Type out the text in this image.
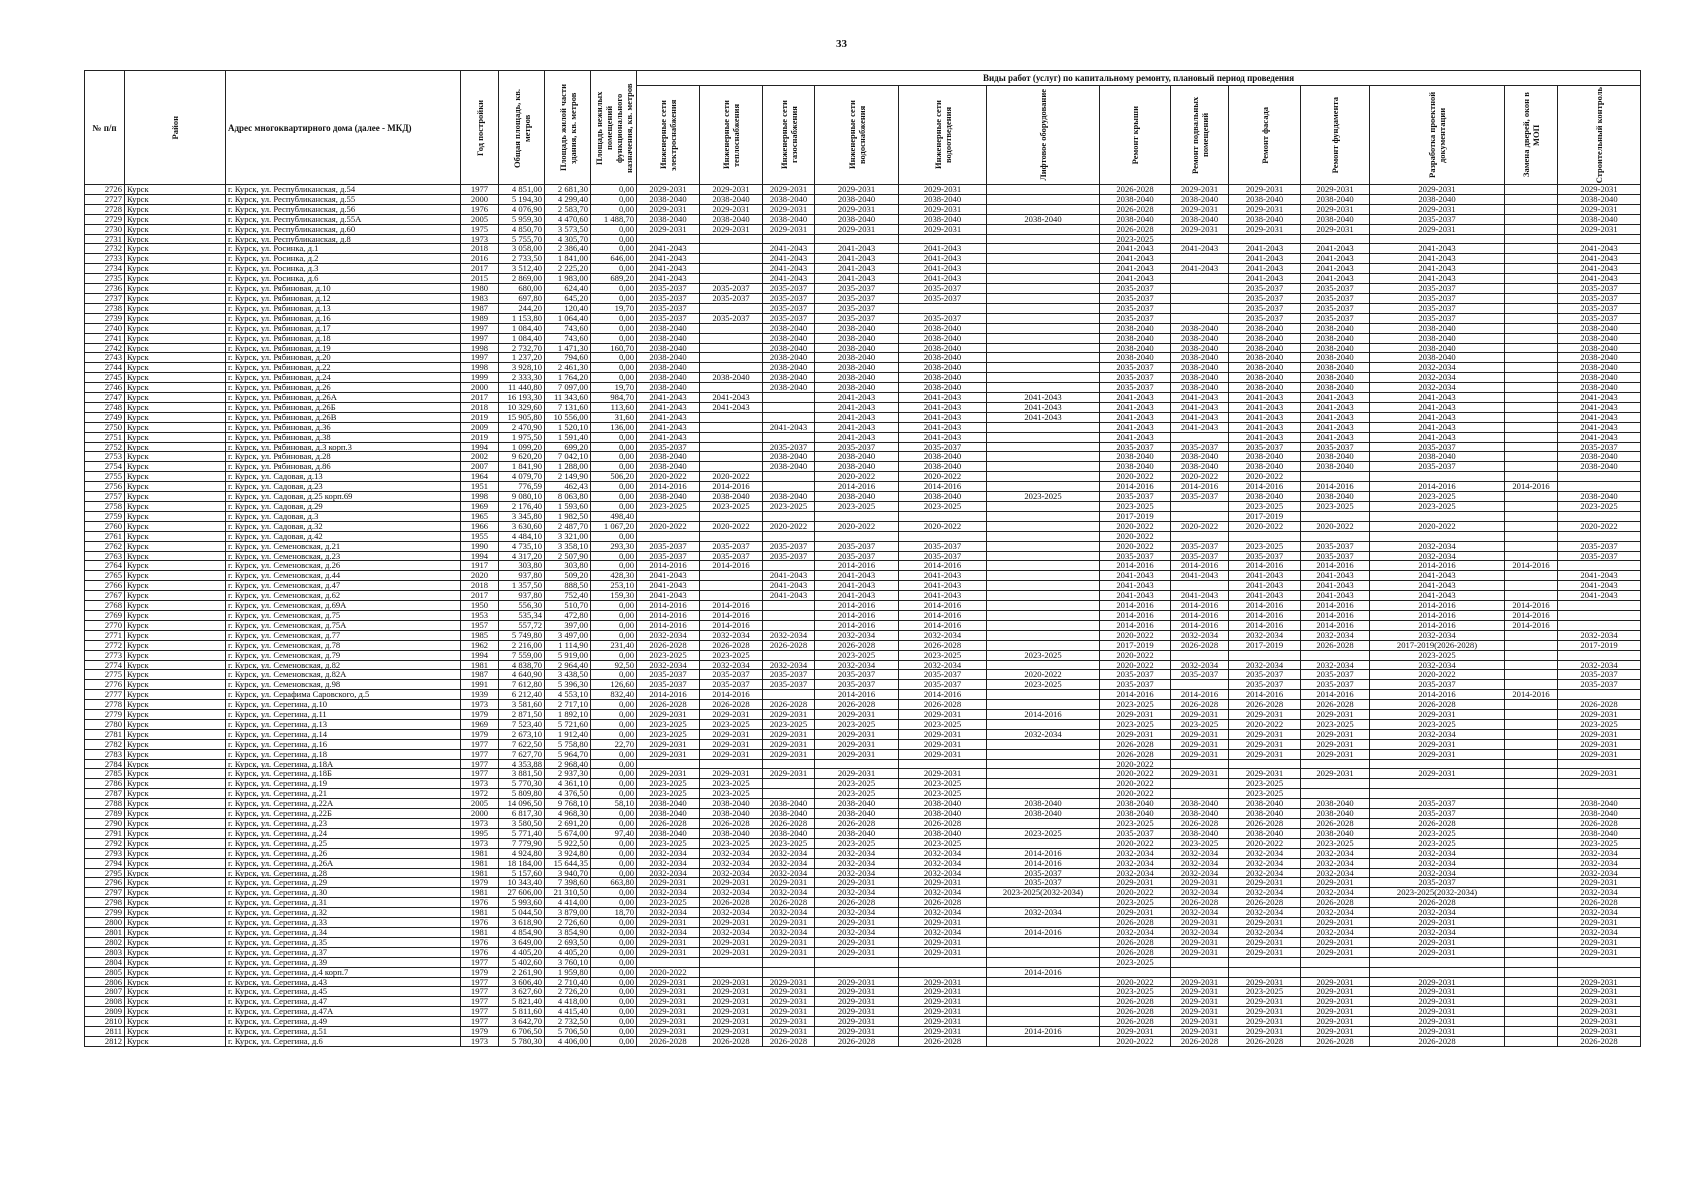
33
№ п/п	Район	Адрес многоквартирного дома (далее - МКД)	Год постройки	Общая площадь, кв. метров	Площадь жилой части здания, кв. метров	Площадь нежилых помещений функционального назначения, кв. метров	Виды работ (услуг) по капитальному ремонту, плановый период проведения												

							Инженерные сети электроснабжения	Инженерные сети теплоснабжения	Инженерные сети газоснабжения	Инженерные сети водоснабжения	Инженерные сети водоотведения	Лифтовое оборудование	Ремонт крыши	Ремонт подвальных помещений	Ремонт фасада	Ремонт фундамента	Разработка проектной документации	Замена дверей, окон в МОП	Строительный контроль

2726	Курск	г. Курск, ул. Республиканская, д.54	1977	4 851,00	2 681,30	0,00	2029-2031	2029-2031	2029-2031	2029-2031	2029-2031		2026-2028	2029-2031	2029-2031	2029-2031	2029-2031		2029-2031
2727	Курск	г. Курск, ул. Республиканская, д.55	2000	5 194,30	4 299,40	0,00	2038-2040	2038-2040	2038-2040	2038-2040	2038-2040		2038-2040	2038-2040	2038-2040	2038-2040	2038-2040		2038-2040
2728	Курск	г. Курск, ул. Республиканская, д.56	1976	4 076,90	2 583,70	0,00	2029-2031	2029-2031	2029-2031	2029-2031	2029-2031		2026-2028	2029-2031	2029-2031	2029-2031	2029-2031		2029-2031
2729	Курск	г. Курск, ул. Республиканская, д.55А	2005	5 959,30	4 470,60	1 488,70	2038-2040	2038-2040	2038-2040	2038-2040	2038-2040	2038-2040	2038-2040	2038-2040	2038-2040	2038-2040	2035-2037		2038-2040
2730	Курск	г. Курск, ул. Республиканская, д.60	1975	4 850,70	3 573,50	0,00	2029-2031	2029-2031	2029-2031	2029-2031	2029-2031		2026-2028	2029-2031	2029-2031	2029-2031	2029-2031		2029-2031
2731	Курск	г. Курск, ул. Республиканская, д.8	1973	5 755,70	4 305,70	0,00							2023-2025						
2732	Курск	г. Курск, ул. Росинка, д.1	2018	3 058,00	2 386,40	0,00	2041-2043		2041-2043	2041-2043	2041-2043		2041-2043	2041-2043	2041-2043	2041-2043	2041-2043		2041-2043
2733	Курск	г. Курск, ул. Росинка, д.2	2016	2 733,50	1 841,00	646,00	2041-2043		2041-2043	2041-2043	2041-2043		2041-2043		2041-2043	2041-2043	2041-2043		2041-2043
2734	Курск	г. Курск, ул. Росинка, д.3	2017	3 512,40	2 225,20	0,00	2041-2043		2041-2043	2041-2043	2041-2043		2041-2043	2041-2043	2041-2043	2041-2043	2041-2043		2041-2043
2735	Курск	г. Курск, ул. Росинка, д.6	2015	2 869,00	1 983,00	689,20	2041-2043		2041-2043	2041-2043	2041-2043		2041-2043		2041-2043	2041-2043	2041-2043		2041-2043
2736	Курск	г. Курск, ул. Рябиновая, д.10	1980	680,00	624,40	0,00	2035-2037	2035-2037	2035-2037	2035-2037	2035-2037		2035-2037		2035-2037	2035-2037	2035-2037		2035-2037
2737	Курск	г. Курск, ул. Рябиновая, д.12	1983	697,80	645,20	0,00	2035-2037	2035-2037	2035-2037	2035-2037	2035-2037		2035-2037		2035-2037	2035-2037	2035-2037		2035-2037
2738	Курск	г. Курск, ул. Рябиновая, д.13	1987	244,20	120,40	19,70	2035-2037		2035-2037	2035-2037			2035-2037		2035-2037	2035-2037	2035-2037		2035-2037
2739	Курск	г. Курск, ул. Рябиновая, д.16	1989	1 153,80	1 064,40	0,00	2035-2037	2035-2037	2035-2037	2035-2037	2035-2037		2035-2037		2035-2037	2035-2037	2035-2037		2035-2037
2740	Курск	г. Курск, ул. Рябиновая, д.17	1997	1 084,40	743,60	0,00	2038-2040		2038-2040	2038-2040	2038-2040		2038-2040	2038-2040	2038-2040	2038-2040	2038-2040		2038-2040
2741	Курск	г. Курск, ул. Рябиновая, д.18	1997	1 084,40	743,60	0,00	2038-2040		2038-2040	2038-2040	2038-2040		2038-2040	2038-2040	2038-2040	2038-2040	2038-2040		2038-2040
2742	Курск	г. Курск, ул. Рябиновая, д.19	1998	2 732,70	1 471,30	160,70	2038-2040		2038-2040	2038-2040	2038-2040		2038-2040	2038-2040	2038-2040	2038-2040	2038-2040		2038-2040
2743	Курск	г. Курск, ул. Рябиновая, д.20	1997	1 237,20	794,60	0,00	2038-2040		2038-2040	2038-2040	2038-2040		2038-2040	2038-2040	2038-2040	2038-2040	2038-2040		2038-2040
2744	Курск	г. Курск, ул. Рябиновая, д.22	1998	3 928,10	2 461,30	0,00	2038-2040		2038-2040	2038-2040	2038-2040		2035-2037	2038-2040	2038-2040	2038-2040	2032-2034		2038-2040
2745	Курск	г. Курск, ул. Рябиновая, д.24	1999	2 333,30	1 764,20	0,00	2038-2040	2038-2040	2038-2040	2038-2040	2038-2040		2035-2037	2038-2040	2038-2040	2038-2040	2032-2034		2038-2040
2746	Курск	г. Курск, ул. Рябиновая, д.26	2000	11 440,80	7 097,00	19,70	2038-2040		2038-2040	2038-2040	2038-2040		2035-2037	2038-2040	2038-2040	2038-2040	2032-2034		2038-2040
2747	Курск	г. Курск, ул. Рябиновая, д.26А	2017	16 193,30	11 343,60	984,70	2041-2043	2041-2043		2041-2043	2041-2043	2041-2043	2041-2043	2041-2043	2041-2043	2041-2043	2041-2043		2041-2043
2748	Курск	г. Курск, ул. Рябиновая, д.26Б	2018	10 329,60	7 131,60	113,60	2041-2043	2041-2043		2041-2043	2041-2043	2041-2043	2041-2043	2041-2043	2041-2043	2041-2043	2041-2043		2041-2043
2749	Курск	г. Курск, ул. Рябиновая, д.26В	2019	15 905,80	10 556,00	31,60	2041-2043			2041-2043	2041-2043	2041-2043	2041-2043	2041-2043	2041-2043	2041-2043	2041-2043		2041-2043
2750	Курск	г. Курск, ул. Рябиновая, д.36	2009	2 470,90	1 520,10	136,00	2041-2043		2041-2043	2041-2043	2041-2043		2041-2043	2041-2043	2041-2043	2041-2043	2041-2043		2041-2043
2751	Курск	г. Курск, ул. Рябиновая, д.38	2019	1 975,50	1 591,40	0,00	2041-2043			2041-2043	2041-2043		2041-2043		2041-2043	2041-2043	2041-2043		2041-2043
2752	Курск	г. Курск, ул. Рябиновая, д.3 корп.3	1994	1 099,20	699,20	0,00	2035-2037		2035-2037	2035-2037	2035-2037		2035-2037	2035-2037	2035-2037	2035-2037	2035-2037		2035-2037
2753	Курск	г. Курск, ул. Рябиновая, д.28	2002	9 620,20	7 042,10	0,00	2038-2040		2038-2040	2038-2040	2038-2040		2038-2040	2038-2040	2038-2040	2038-2040	2038-2040		2038-2040
2754	Курск	г. Курск, ул. Рябиновая, д.86	2007	1 841,90	1 288,00	0,00	2038-2040		2038-2040	2038-2040	2038-2040		2038-2040	2038-2040	2038-2040	2038-2040	2035-2037		2038-2040
2755	Курск	г. Курск, ул. Садовая, д.13	1964	4 079,70	2 149,90	506,20	2020-2022	2020-2022		2020-2022	2020-2022		2020-2022	2020-2022	2020-2022				
2756	Курск	г. Курск, ул. Садовая, д.23	1951	776,59	462,43	0,00	2014-2016	2014-2016		2014-2016	2014-2016		2014-2016	2014-2016	2014-2016	2014-2016	2014-2016	2014-2016	
2757	Курск	г. Курск, ул. Садовая, д.25 корп.69	1998	9 080,10	8 063,80	0,00	2038-2040	2038-2040	2038-2040	2038-2040	2038-2040	2023-2025	2035-2037	2035-2037	2038-2040	2038-2040	2023-2025		2038-2040
2758	Курск	г. Курск, ул. Садовая, д.29	1969	2 176,40	1 593,60	0,00	2023-2025	2023-2025	2023-2025	2023-2025	2023-2025		2023-2025		2023-2025	2023-2025	2023-2025		2023-2025
2759	Курск	г. Курск, ул. Садовая, д.3	1965	3 345,80	1 982,50	498,40							2017-2019		2017-2019				
2760	Курск	г. Курск, ул. Садовая, д.32	1966	3 630,60	2 487,70	1 067,20	2020-2022	2020-2022	2020-2022	2020-2022	2020-2022		2020-2022	2020-2022	2020-2022	2020-2022	2020-2022		2020-2022
2761	Курск	г. Курск, ул. Садовая, д.42	1955	4 484,10	3 321,00	0,00							2020-2022						
2762	Курск	г. Курск, ул. Семеновская, д.21	1990	4 735,10	3 358,10	293,30	2035-2037	2035-2037	2035-2037	2035-2037	2035-2037		2020-2022	2035-2037	2023-2025	2035-2037	2032-2034		2035-2037
2763	Курск	г. Курск, ул. Семеновская, д.23	1994	4 317,20	2 507,90	0,00	2035-2037	2035-2037	2035-2037	2035-2037	2035-2037		2035-2037	2035-2037	2035-2037	2035-2037	2032-2034		2035-2037
2764	Курск	г. Курск, ул. Семеновская, д.26	1917	303,80	303,80	0,00	2014-2016	2014-2016		2014-2016	2014-2016		2014-2016	2014-2016	2014-2016	2014-2016	2014-2016	2014-2016	
2765	Курск	г. Курск, ул. Семеновская, д.44	2020	937,80	509,20	428,30	2041-2043		2041-2043	2041-2043	2041-2043		2041-2043	2041-2043	2041-2043	2041-2043	2041-2043		2041-2043
2766	Курск	г. Курск, ул. Семеновская, д.47	2018	1 357,50	888,50	253,10	2041-2043		2041-2043	2041-2043	2041-2043		2041-2043		2041-2043	2041-2043	2041-2043		2041-2043
2767	Курск	г. Курск, ул. Семеновская, д.62	2017	937,80	752,40	159,30	2041-2043		2041-2043	2041-2043	2041-2043		2041-2043	2041-2043	2041-2043	2041-2043	2041-2043		2041-2043
2768	Курск	г. Курск, ул. Семеновская, д.69А	1950	556,30	510,70	0,00	2014-2016	2014-2016		2014-2016	2014-2016		2014-2016	2014-2016	2014-2016	2014-2016	2014-2016	2014-2016	
2769	Курск	г. Курск, ул. Семеновская, д.75	1953	535,34	472,80	0,00	2014-2016	2014-2016		2014-2016	2014-2016		2014-2016	2014-2016	2014-2016	2014-2016	2014-2016	2014-2016	
2770	Курск	г. Курск, ул. Семеновская, д.75А	1957	557,72	397,00	0,00	2014-2016	2014-2016		2014-2016	2014-2016		2014-2016	2014-2016	2014-2016	2014-2016	2014-2016	2014-2016	
2771	Курск	г. Курск, ул. Семеновская, д.77	1985	5 749,80	3 497,00	0,00	2032-2034	2032-2034	2032-2034	2032-2034	2032-2034		2020-2022	2032-2034	2032-2034	2032-2034	2032-2034		2032-2034
2772	Курск	г. Курск, ул. Семеновская, д.78	1962	2 216,00	1 114,90	231,40	2026-2028	2026-2028	2026-2028	2026-2028	2026-2028		2017-2019	2026-2028	2017-2019	2026-2028	2017-2019(2026-2028)		2017-2019
2773	Курск	г. Курск, ул. Семеновская, д.79	1994	7 559,00	5 919,00	0,00	2023-2025	2023-2025		2023-2025	2023-2025	2023-2025	2020-2022				2023-2025		
2774	Курск	г. Курск, ул. Семеновская, д.82	1981	4 838,70	2 964,40	92,50	2032-2034	2032-2034	2032-2034	2032-2034	2032-2034		2020-2022	2032-2034	2032-2034	2032-2034	2032-2034		2032-2034
2775	Курск	г. Курск, ул. Семеновская, д.82А	1987	4 640,90	3 438,50	0,00	2035-2037	2035-2037	2035-2037	2035-2037	2035-2037	2020-2022	2035-2037	2035-2037	2035-2037	2035-2037	2020-2022		2035-2037
2776	Курск	г. Курск, ул. Семеновская, д.98	1991	7 612,80	5 396,30	126,60	2035-2037	2035-2037	2035-2037	2035-2037	2035-2037	2023-2025	2035-2037		2035-2037	2035-2037	2035-2037		2035-2037
2777	Курск	г. Курск, ул. Серафима Саровского, д.5	1939	6 212,40	4 553,10	832,40	2014-2016	2014-2016		2014-2016	2014-2016		2014-2016	2014-2016	2014-2016	2014-2016	2014-2016	2014-2016	
2778	Курск	г. Курск, ул. Серегина, д.10	1973	3 581,60	2 717,10	0,00	2026-2028	2026-2028	2026-2028	2026-2028	2026-2028		2023-2025	2026-2028	2026-2028	2026-2028	2026-2028		2026-2028
2779	Курск	г. Курск, ул. Серегина, д.11	1979	2 871,50	1 892,10	0,00	2029-2031	2029-2031	2029-2031	2029-2031	2029-2031	2014-2016	2029-2031	2029-2031	2029-2031	2029-2031	2029-2031		2029-2031
2780	Курск	г. Курск, ул. Серегина, д.13	1969	7 523,40	5 721,60	0,00	2023-2025	2023-2025	2023-2025	2023-2025	2023-2025		2023-2025	2023-2025	2020-2022	2023-2025	2023-2025		2023-2025
2781	Курск	г. Курск, ул. Серегина, д.14	1979	2 673,10	1 912,40	0,00	2023-2025	2029-2031	2029-2031	2029-2031	2029-2031	2032-2034	2029-2031	2029-2031	2029-2031	2029-2031	2032-2034		2029-2031
2782	Курск	г. Курск, ул. Серегина, д.16	1977	7 622,50	5 758,80	22,70	2029-2031	2029-2031	2029-2031	2029-2031	2029-2031		2026-2028	2029-2031	2029-2031	2029-2031	2029-2031		2029-2031
2783	Курск	г. Курск, ул. Серегина, д.18	1977	7 627,70	5 964,70	0,00	2029-2031	2029-2031	2029-2031	2029-2031	2029-2031		2026-2028	2029-2031	2029-2031	2029-2031	2029-2031		2029-2031
2784	Курск	г. Курск, ул. Серегина, д.18А	1977	4 353,88	2 968,40	0,00							2020-2022						
2785	Курск	г. Курск, ул. Серегина, д.18Б	1977	3 881,50	2 937,30	0,00	2029-2031	2029-2031	2029-2031	2029-2031	2029-2031		2020-2022	2029-2031	2029-2031	2029-2031	2029-2031		2029-2031
2786	Курск	г. Курск, ул. Серегина, д.19	1973	5 770,30	4 361,10	0,00	2023-2025	2023-2025		2023-2025	2023-2025		2020-2022		2023-2025				
2787	Курск	г. Курск, ул. Серегина, д.21	1972	5 809,80	4 376,50	0,00	2023-2025	2023-2025		2023-2025	2023-2025		2020-2022		2023-2025				
2788	Курск	г. Курск, ул. Серегина, д.22А	2005	14 096,50	9 768,10	58,10	2038-2040	2038-2040	2038-2040	2038-2040	2038-2040	2038-2040	2038-2040	2038-2040	2038-2040	2038-2040	2035-2037		2038-2040
2789	Курск	г. Курск, ул. Серегина, д.22Б	2000	6 817,30	4 968,30	0,00	2038-2040	2038-2040	2038-2040	2038-2040	2038-2040	2038-2040	2038-2040	2038-2040	2038-2040	2038-2040	2035-2037		2038-2040
2790	Курск	г. Курск, ул. Серегина, д.23	1973	3 580,50	2 691,20	0,00	2026-2028	2026-2028	2026-2028	2026-2028	2026-2028		2023-2025	2026-2028	2026-2028	2026-2028	2026-2028		2026-2028
2791	Курск	г. Курск, ул. Серегина, д.24	1995	5 771,40	5 674,00	97,40	2038-2040	2038-2040	2038-2040	2038-2040	2038-2040	2023-2025	2035-2037	2038-2040	2038-2040	2038-2040	2023-2025		2038-2040
2792	Курск	г. Курск, ул. Серегина, д.25	1973	7 779,90	5 922,50	0,00	2023-2025	2023-2025	2023-2025	2023-2025	2023-2025		2020-2022	2023-2025	2020-2022	2023-2025	2023-2025		2023-2025
2793	Курск	г. Курск, ул. Серегина, д.26	1981	4 924,80	3 924,80	0,00	2032-2034	2032-2034	2032-2034	2032-2034	2032-2034	2014-2016	2032-2034	2032-2034	2032-2034	2032-2034	2032-2034		2032-2034
2794	Курск	г. Курск, ул. Серегина, д.26А	1981	18 184,00	15 644,35	0,00	2032-2034	2032-2034	2032-2034	2032-2034	2032-2034	2014-2016	2032-2034	2032-2034	2032-2034	2032-2034	2032-2034		2032-2034
2795	Курск	г. Курск, ул. Серегина, д.28	1981	5 157,60	3 940,70	0,00	2032-2034	2032-2034	2032-2034	2032-2034	2032-2034	2035-2037	2032-2034	2032-2034	2032-2034	2032-2034	2032-2034		2032-2034
2796	Курск	г. Курск, ул. Серегина, д.29	1979	10 343,40	7 398,60	663,80	2029-2031	2029-2031	2029-2031	2029-2031	2029-2031	2035-2037	2029-2031	2029-2031	2029-2031	2029-2031	2035-2037		2029-2031
2797	Курск	г. Курск, ул. Серегина, д.30	1981	27 606,00	21 310,50	0,00	2032-2034	2032-2034	2032-2034	2032-2034	2032-2034	2023-2025(2032-2034)	2020-2022	2032-2034	2032-2034	2032-2034	2023-2025(2032-2034)		2032-2034
2798	Курск	г. Курск, ул. Серегина, д.31	1976	5 993,60	4 414,00	0,00	2023-2025	2026-2028	2026-2028	2026-2028	2026-2028		2023-2025	2026-2028	2026-2028	2026-2028	2026-2028		2026-2028
2799	Курск	г. Курск, ул. Серегина, д.32	1981	5 044,50	3 879,00	18,70	2032-2034	2032-2034	2032-2034	2032-2034	2032-2034	2032-2034	2029-2031	2032-2034	2032-2034	2032-2034	2032-2034		2032-2034
2800	Курск	г. Курск, ул. Серегина, д.33	1976	3 618,90	2 726,60	0,00	2029-2031	2029-2031	2029-2031	2029-2031	2029-2031		2026-2028	2029-2031	2029-2031	2029-2031	2029-2031		2029-2031
2801	Курск	г. Курск, ул. Серегина, д.34	1981	4 854,90	3 854,90	0,00	2032-2034	2032-2034	2032-2034	2032-2034	2032-2034	2014-2016	2032-2034	2032-2034	2032-2034	2032-2034	2032-2034		2032-2034
2802	Курск	г. Курск, ул. Серегина, д.35	1976	3 649,00	2 693,50	0,00	2029-2031	2029-2031	2029-2031	2029-2031	2029-2031		2026-2028	2029-2031	2029-2031	2029-2031	2029-2031		2029-2031
2803	Курск	г. Курск, ул. Серегина, д.37	1976	4 405,20	4 405,20	0,00	2029-2031	2029-2031	2029-2031	2029-2031	2029-2031		2026-2028	2029-2031	2029-2031	2029-2031	2029-2031		2029-2031
2804	Курск	г. Курск, ул. Серегина, д.39	1977	5 402,60	3 760,10	0,00							2023-2025						
2805	Курск	г. Курск, ул. Серегина, д.4 корп.7	1979	2 261,90	1 959,80	0,00	2020-2022					2014-2016							
2806	Курск	г. Курск, ул. Серегина, д.43	1977	3 606,40	2 710,40	0,00	2029-2031	2029-2031	2029-2031	2029-2031	2029-2031		2020-2022	2029-2031	2029-2031	2029-2031	2029-2031		2029-2031
2807	Курск	г. Курск, ул. Серегина, д.45	1977	3 627,60	2 726,20	0,00	2029-2031	2029-2031	2029-2031	2029-2031	2029-2031		2023-2025	2029-2031	2023-2025	2029-2031	2029-2031		2029-2031
2808	Курск	г. Курск, ул. Серегина, д.47	1977	5 821,40	4 418,00	0,00	2029-2031	2029-2031	2029-2031	2029-2031	2029-2031		2026-2028	2029-2031	2029-2031	2029-2031	2029-2031		2029-2031
2809	Курск	г. Курск, ул. Серегина, д.47А	1977	5 811,60	4 415,40	0,00	2029-2031	2029-2031	2029-2031	2029-2031	2029-2031		2026-2028	2029-2031	2029-2031	2029-2031	2029-2031		2029-2031
2810	Курск	г. Курск, ул. Серегина, д.49	1977	3 642,70	2 732,50	0,00	2029-2031	2029-2031	2029-2031	2029-2031	2029-2031		2026-2028	2029-2031	2029-2031	2029-2031	2029-2031		2029-2031
2811	Курск	г. Курск, ул. Серегина, д.51	1979	6 706,50	5 706,50	0,00	2029-2031	2029-2031	2029-2031	2029-2031	2029-2031	2014-2016	2029-2031	2029-2031	2029-2031	2029-2031	2029-2031		2029-2031
2812	Курск	г. Курск, ул. Серегина, д.6	1973	5 780,30	4 406,00	0,00	2026-2028	2026-2028	2026-2028	2026-2028	2026-2028		2020-2022	2026-2028	2026-2028	2026-2028	2026-2028		2026-2028
